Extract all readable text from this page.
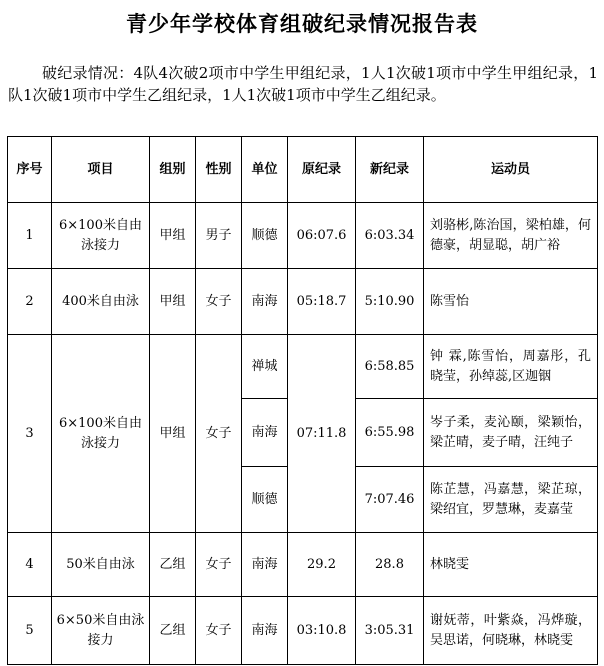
青少年学校体育组破纪录情况报告表
破纪录情况：4队4次破2项市中学生甲组纪录，1人1次破1项市中学生甲组纪录，1队1次破1项市中学生乙组纪录，1人1次破1项市中学生乙组纪录。
序号	项目	组别	性别	单位	原纪录	新纪录	运动员
1	6×100米自由泳接力	甲组	男子	顺德	06:07.6	6:03.34	刘骆彬,陈治国，梁柏雄，何德豪，胡显聪，胡广裕
2	400米自由泳	甲组	女子	南海	05:18.7	5:10.90	陈雪怡
3	6×100米自由泳接力	甲组	女子	禅城	07:11.8	6:58.85	钟 霖,陈雪怡，周嘉彤，孔晓莹，孙绰蕊,区迦铟
				南海		6:55.98	岑子柔，麦沁颐，梁颖怡，梁芷晴，麦子晴，汪纯子
				顺德		7:07.46	陈芷慧，冯嘉慧，梁芷琼，梁绍宜，罗慧琳，麦嘉莹
4	50米自由泳	乙组	女子	南海	29.2	28.8	林晓雯
5	6×50米自由泳接力	乙组	女子	南海	03:10.8	3:05.31	谢妩蒂，叶紫焱，冯烨璇，吴思诺，何晓琳，林晓雯
